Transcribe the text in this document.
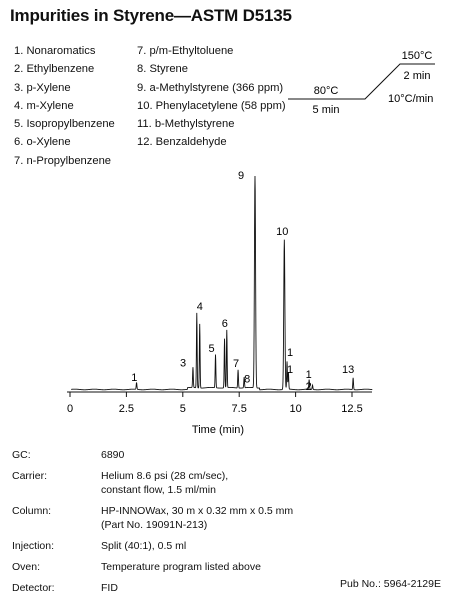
Impurities in Styrene—ASTM D5135
1. Nonaromatics
2. Ethylbenzene
3. p-Xylene
4. m-Xylene
5. Isopropylbenzene
6. o-Xylene
7. n-Propylbenzene
7. p/m-Ethyltoluene
8. Styrene
9. a-Methylstyrene (366 ppm)
10. Phenylacetylene (58 ppm)
11. b-Methylstyrene
12. Benzaldehyde
80°C
5 min
10°C/min
150°C
2 min
0	2.5	5	7.5	10	12.5
1
3
4
5
6
7
8
9
10
1
1 1
2
13
Time (min)
GC:	6890
Carrier:	Helium 8.6 psi (28 cm/sec),
constant flow, 1.5 ml/min
Column:	HP-INNOWax, 30 m x 0.32 mm x 0.5 mm
(Part No. 19091N-213)
Injection:	Split (40:1), 0.5 ml
Oven:	Temperature program listed above
Detector:	FID	Pub No.: 5964-2129E
